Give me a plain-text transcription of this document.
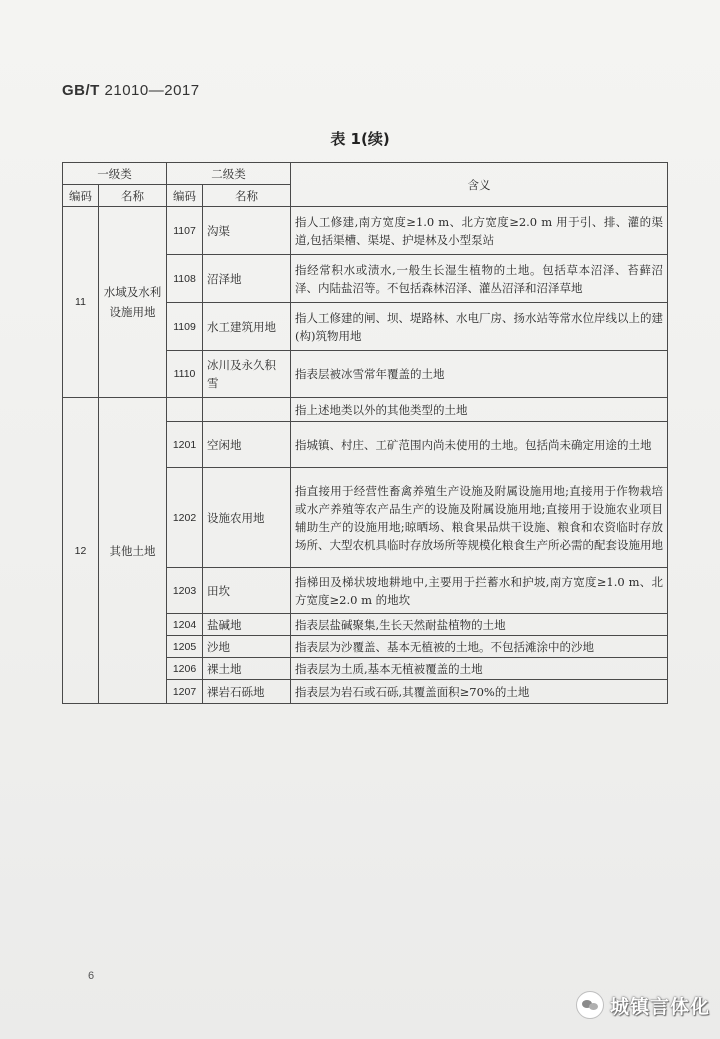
GB/T 21010—2017
表 1(续)
一级类		二级类		含义
编码	名称	编码	名称	
11	水域及水利设施用地	1107	沟渠	指人工修建,南方宽度≥1.0 m、北方宽度≥2.0 m 用于引、排、灌的渠道,包括渠槽、渠堤、护堤林及小型泵站
		1108	沼泽地	指经常积水或渍水,一般生长湿生植物的土地。包括草本沼泽、苔藓沼泽、内陆盐沼等。不包括森林沼泽、灌丛沼泽和沼泽草地
		1109	水工建筑用地	指人工修建的闸、坝、堤路林、水电厂房、扬水站等常水位岸线以上的建(构)筑物用地
		1110	冰川及永久积雪	指表层被冰雪常年覆盖的土地
12	其他土地			指上述地类以外的其他类型的土地
		1201	空闲地	指城镇、村庄、工矿范围内尚未使用的土地。包括尚未确定用途的土地
		1202	设施农用地	指直接用于经营性畜禽养殖生产设施及附属设施用地;直接用于作物栽培或水产养殖等农产品生产的设施及附属设施用地;直接用于设施农业项目辅助生产的设施用地;晾晒场、粮食果品烘干设施、粮食和农资临时存放场所、大型农机具临时存放场所等规模化粮食生产所必需的配套设施用地
		1203	田坎	指梯田及梯状坡地耕地中,主要用于拦蓄水和护坡,南方宽度≥1.0 m、北方宽度≥2.0 m 的地坎
		1204	盐碱地	指表层盐碱聚集,生长天然耐盐植物的土地
		1205	沙地	指表层为沙覆盖、基本无植被的土地。不包括滩涂中的沙地
		1206	裸土地	指表层为土质,基本无植被覆盖的土地
		1207	裸岩石砾地	指表层为岩石或石砾,其覆盖面积≥70%的土地
6
城镇言体化
